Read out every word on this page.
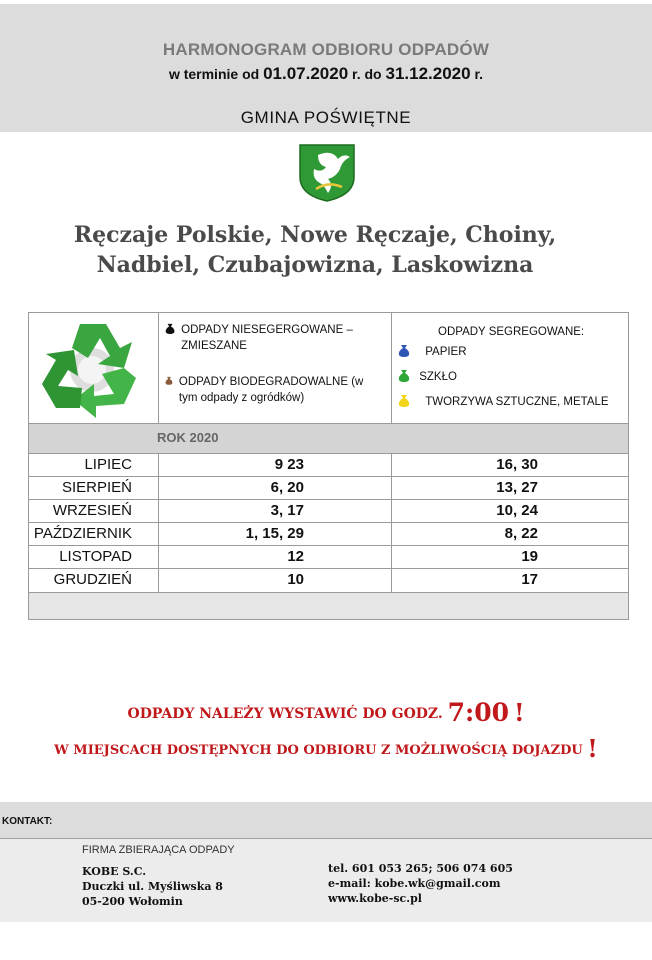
HARMONOGRAM ODBIORU ODPADÓW
w terminie od 01.07.2020 r. do 31.12.2020 r.
GMINA POŚWIĘTNE
Ręczaje Polskie, Nowe Ręczaje, Choiny,
Nadbiel, Czubajowizna, Laskowizna
ODPADY NIESEGERGOWANE – ZMIESZANE
ODPADY BIODEGRADOWALNE (w tym odpady z ogródków)
ODPADY SEGREGOWANE:
PAPIER
SZKŁO
TWORZYWA SZTUCZNE, METALE
ROK 2020
LIPIEC	9 23	16, 30
SIERPIEŃ	6, 20	13, 27
WRZESIEŃ	3, 17	10, 24
PAŹDZIERNIK	1, 15, 29	8, 22
LISTOPAD	12	19
GRUDZIEŃ	10	17
ODPADY NALEŻY WYSTAWIĆ DO GODZ. 7:00 !
W MIEJSCACH DOSTĘPNYCH DO ODBIORU Z MOŻLIWOŚCIĄ DOJAZDU !
KONTAKT:
FIRMA ZBIERAJĄCA ODPADY
KOBE S.C.
Duczki ul. Myśliwska 8
05-200 Wołomin
tel. 601 053 265; 506 074 605
e-mail: kobe.wk@gmail.com
www.kobe-sc.pl
